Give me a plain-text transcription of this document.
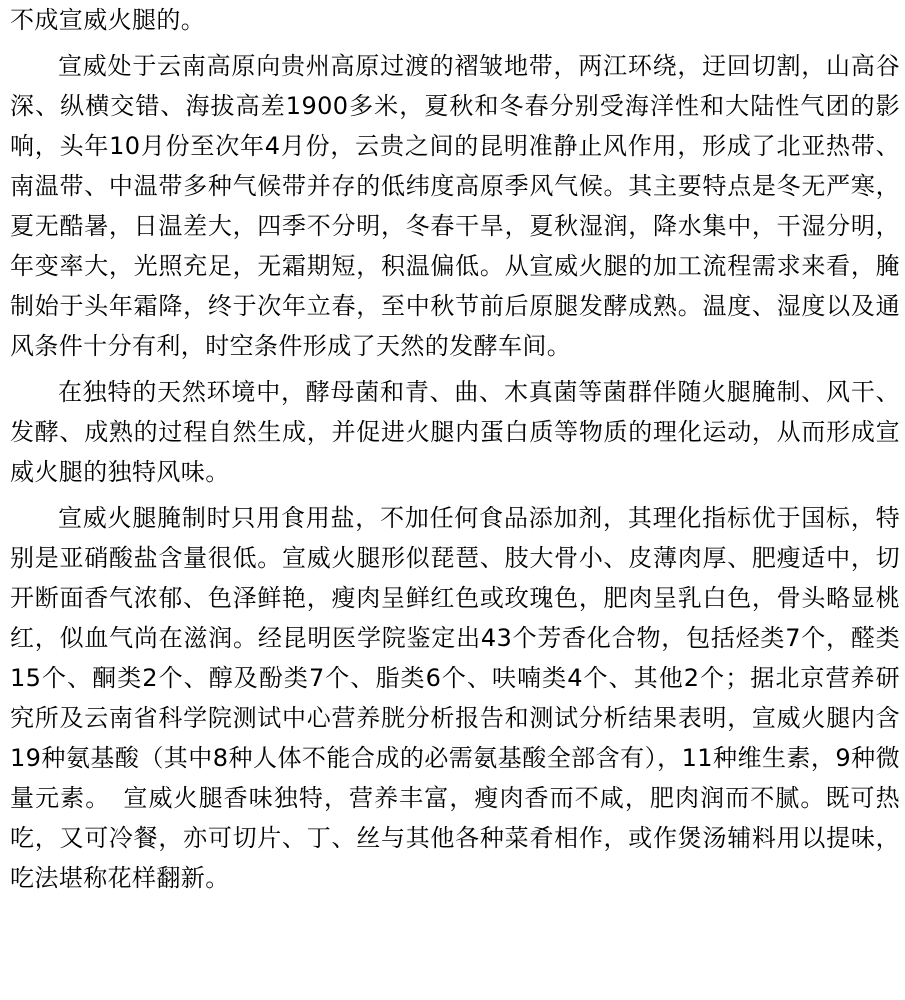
不成宣威火腿的。

宣威处于云南高原向贵州高原过渡的褶皱地带，两江环绕，迂回切割，山高谷深、纵横交错、海拔高差1900多米，夏秋和冬春分别受海洋性和大陆性气团的影响，头年10月份至次年4月份，云贵之间的昆明准静止风作用，形成了北亚热带、南温带、中温带多种气候带并存的低纬度高原季风气候。其主要特点是冬无严寒，夏无酷暑，日温差大，四季不分明，冬春干旱，夏秋湿润，降水集中，干湿分明，年变率大，光照充足，无霜期短，积温偏低。从宣威火腿的加工流程需求来看，腌制始于头年霜降，终于次年立春，至中秋节前后原腿发酵成熟。温度、湿度以及通风条件十分有利，时空条件形成了天然的发酵车间。

在独特的天然环境中，酵母菌和青、曲、木真菌等菌群伴随火腿腌制、风干、发酵、成熟的过程自然生成，并促进火腿内蛋白质等物质的理化运动，从而形成宣威火腿的独特风味。

宣威火腿腌制时只用食用盐，不加任何食品添加剂，其理化指标优于国标，特别是亚硝酸盐含量很低。宣威火腿形似琵琶、肢大骨小、皮薄肉厚、肥瘦适中，切开断面香气浓郁、色泽鲜艳，瘦肉呈鲜红色或玫瑰色，肥肉呈乳白色，骨头略显桃红，似血气尚在滋润。经昆明医学院鉴定出43个芳香化合物，包括烃类7个，醛类15个、酮类2个、醇及酚类7个、脂类6个、呋喃类4个、其他2个；据北京营养研究所及云南省科学院测试中心营养胱分析报告和测试分析结果表明，宣威火腿内含19种氨基酸（其中8种人体不能合成的必需氨基酸全部含有），11种维生素，9种微量元素。　宣威火腿香味独特，营养丰富，瘦肉香而不咸，肥肉润而不腻。既可热吃，又可冷餐，亦可切片、丁、丝与其他各种菜肴相作，或作煲汤辅料用以提味，吃法堪称花样翻新。
